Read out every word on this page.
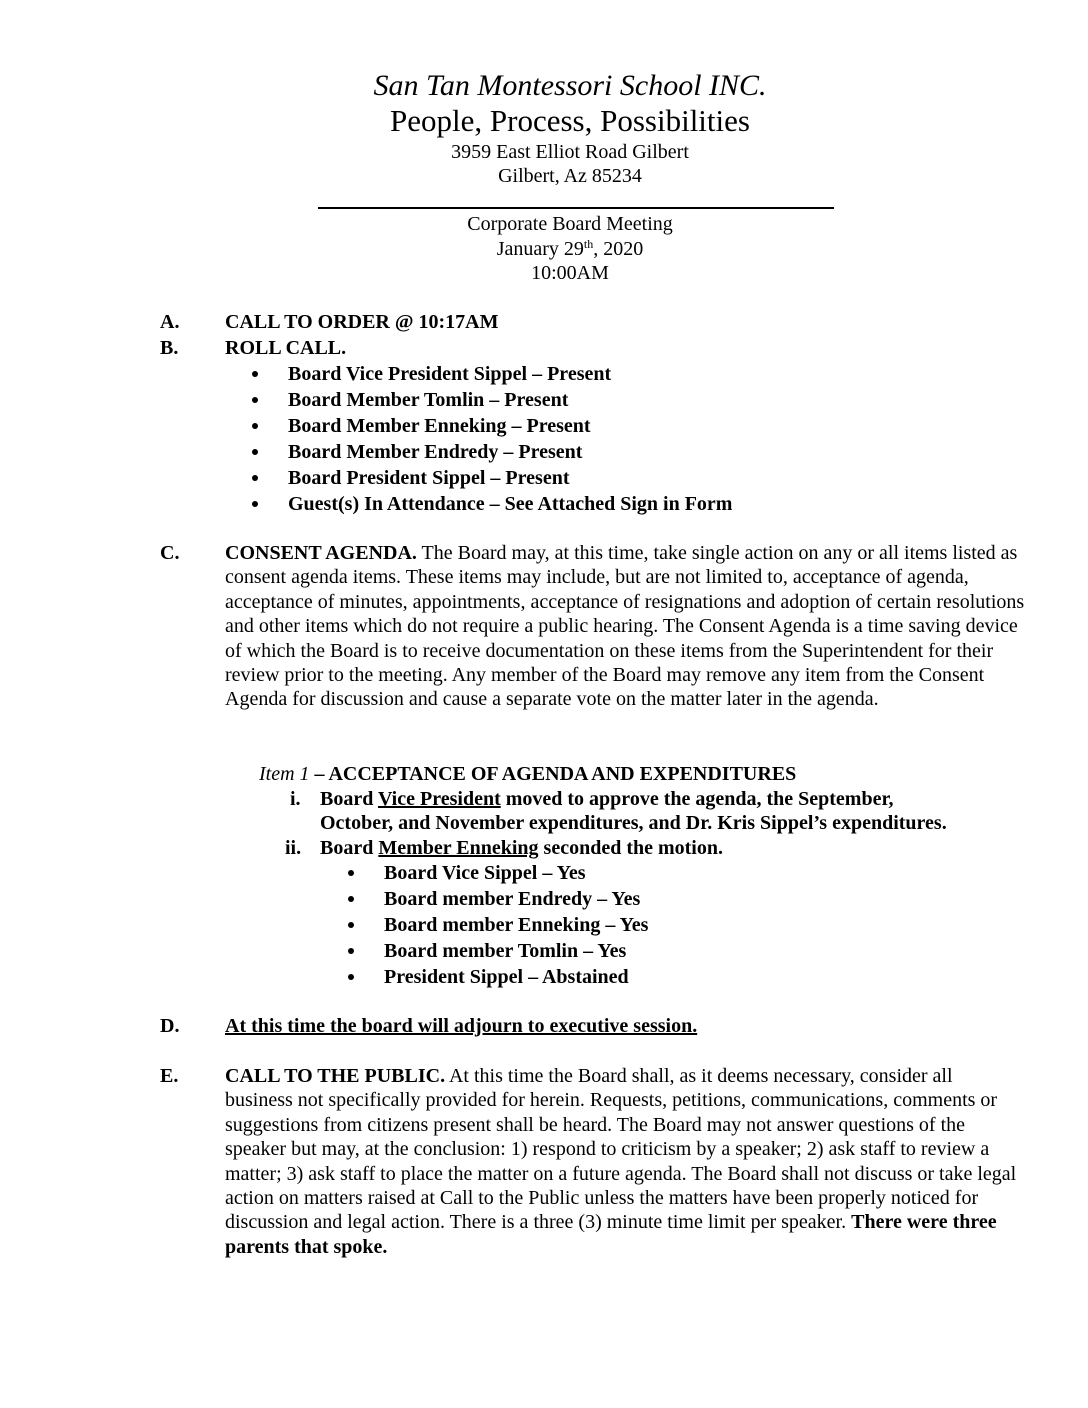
San Tan Montessori School INC.
People, Process, Possibilities
3959 East Elliot Road Gilbert
Gilbert, Az 85234
Corporate Board Meeting
January 29th, 2020
10:00AM
A. CALL TO ORDER @ 10:17AM
B. ROLL CALL.
Board Vice President Sippel – Present
Board Member Tomlin – Present
Board Member Enneking – Present
Board Member Endredy – Present
Board President Sippel – Present
Guest(s) In Attendance – See Attached Sign in Form
C. CONSENT AGENDA. The Board may, at this time, take single action on any or all items listed as consent agenda items. These items may include, but are not limited to, acceptance of agenda, acceptance of minutes, appointments, acceptance of resignations and adoption of certain resolutions and other items which do not require a public hearing. The Consent Agenda is a time saving device of which the Board is to receive documentation on these items from the Superintendent for their review prior to the meeting. Any member of the Board may remove any item from the Consent Agenda for discussion and cause a separate vote on the matter later in the agenda.
Item 1 – ACCEPTANCE OF AGENDA AND EXPENDITURES
i. Board Vice President moved to approve the agenda, the September,
October, and November expenditures, and Dr. Kris Sippel’s expenditures.
ii. Board Member Enneking seconded the motion.
Board Vice Sippel – Yes
Board member Endredy – Yes
Board member Enneking – Yes
Board member Tomlin – Yes
President Sippel – Abstained
D. At this time the board will adjourn to executive session.
E. CALL TO THE PUBLIC. At this time the Board shall, as it deems necessary, consider all business not specifically provided for herein. Requests, petitions, communications, comments or suggestions from citizens present shall be heard. The Board may not answer questions of the speaker but may, at the conclusion: 1) respond to criticism by a speaker; 2) ask staff to review a matter; 3) ask staff to place the matter on a future agenda. The Board shall not discuss or take legal action on matters raised at Call to the Public unless the matters have been properly noticed for discussion and legal action. There is a three (3) minute time limit per speaker. There were three parents that spoke.
